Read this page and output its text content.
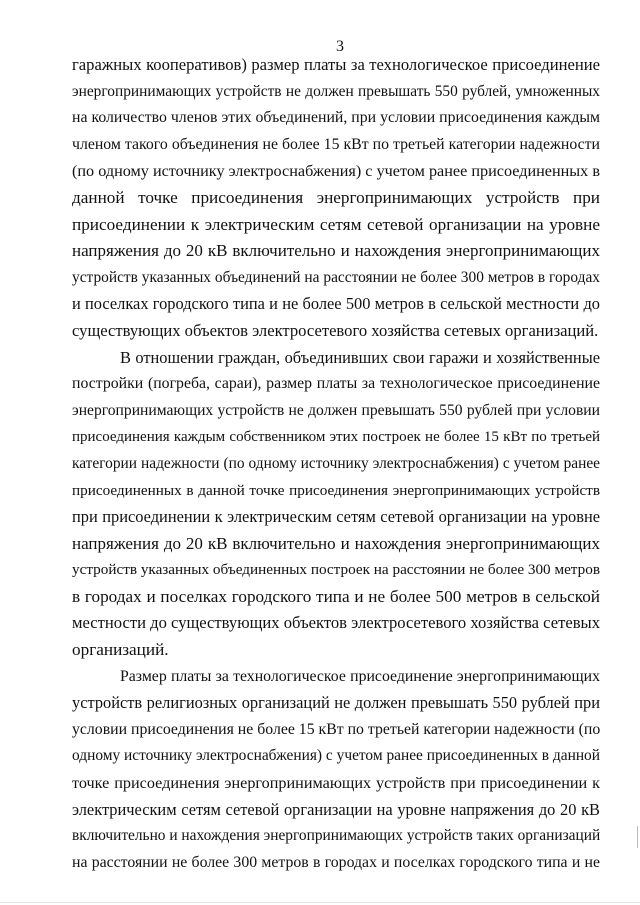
3
гаражных кооперативов) размер платы за технологическое присоединение
энергопринимающих устройств не должен превышать 550 рублей, умноженных
на количество членов этих объединений, при условии присоединения каждым
членом такого объединения не более 15 кВт по третьей категории надежности
(по одному источнику электроснабжения) с учетом ранее присоединенных в
данной точке присоединения энергопринимающих устройств при
присоединении к электрическим сетям сетевой организации на уровне
напряжения до 20 кВ включительно и нахождения энергопринимающих
устройств указанных объединений на расстоянии не более 300 метров в городах
и поселках городского типа и не более 500 метров в сельской местности до
существующих объектов электросетевого хозяйства сетевых организаций.
В отношении граждан, объединивших свои гаражи и хозяйственные
постройки (погреба, сараи), размер платы за технологическое присоединение
энергопринимающих устройств не должен превышать 550 рублей при условии
присоединения каждым собственником этих построек не более 15 кВт по третьей
категории надежности (по одному источнику электроснабжения) с учетом ранее
присоединенных в данной точке присоединения энергопринимающих устройств
при присоединении к электрическим сетям сетевой организации на уровне
напряжения до 20 кВ включительно и нахождения энергопринимающих
устройств указанных объединенных построек на расстоянии не более 300 метров
в городах и поселках городского типа и не более 500 метров в сельской
местности до существующих объектов электросетевого хозяйства сетевых
организаций.
Размер платы за технологическое присоединение энергопринимающих
устройств религиозных организаций не должен превышать 550 рублей при
условии присоединения не более 15 кВт по третьей категории надежности (по
одному источнику электроснабжения) с учетом ранее присоединенных в данной
точке присоединения энергопринимающих устройств при присоединении к
электрическим сетям сетевой организации на уровне напряжения до 20 кВ
включительно и нахождения энергопринимающих устройств таких организаций
на расстоянии не более 300 метров в городах и поселках городского типа и не
